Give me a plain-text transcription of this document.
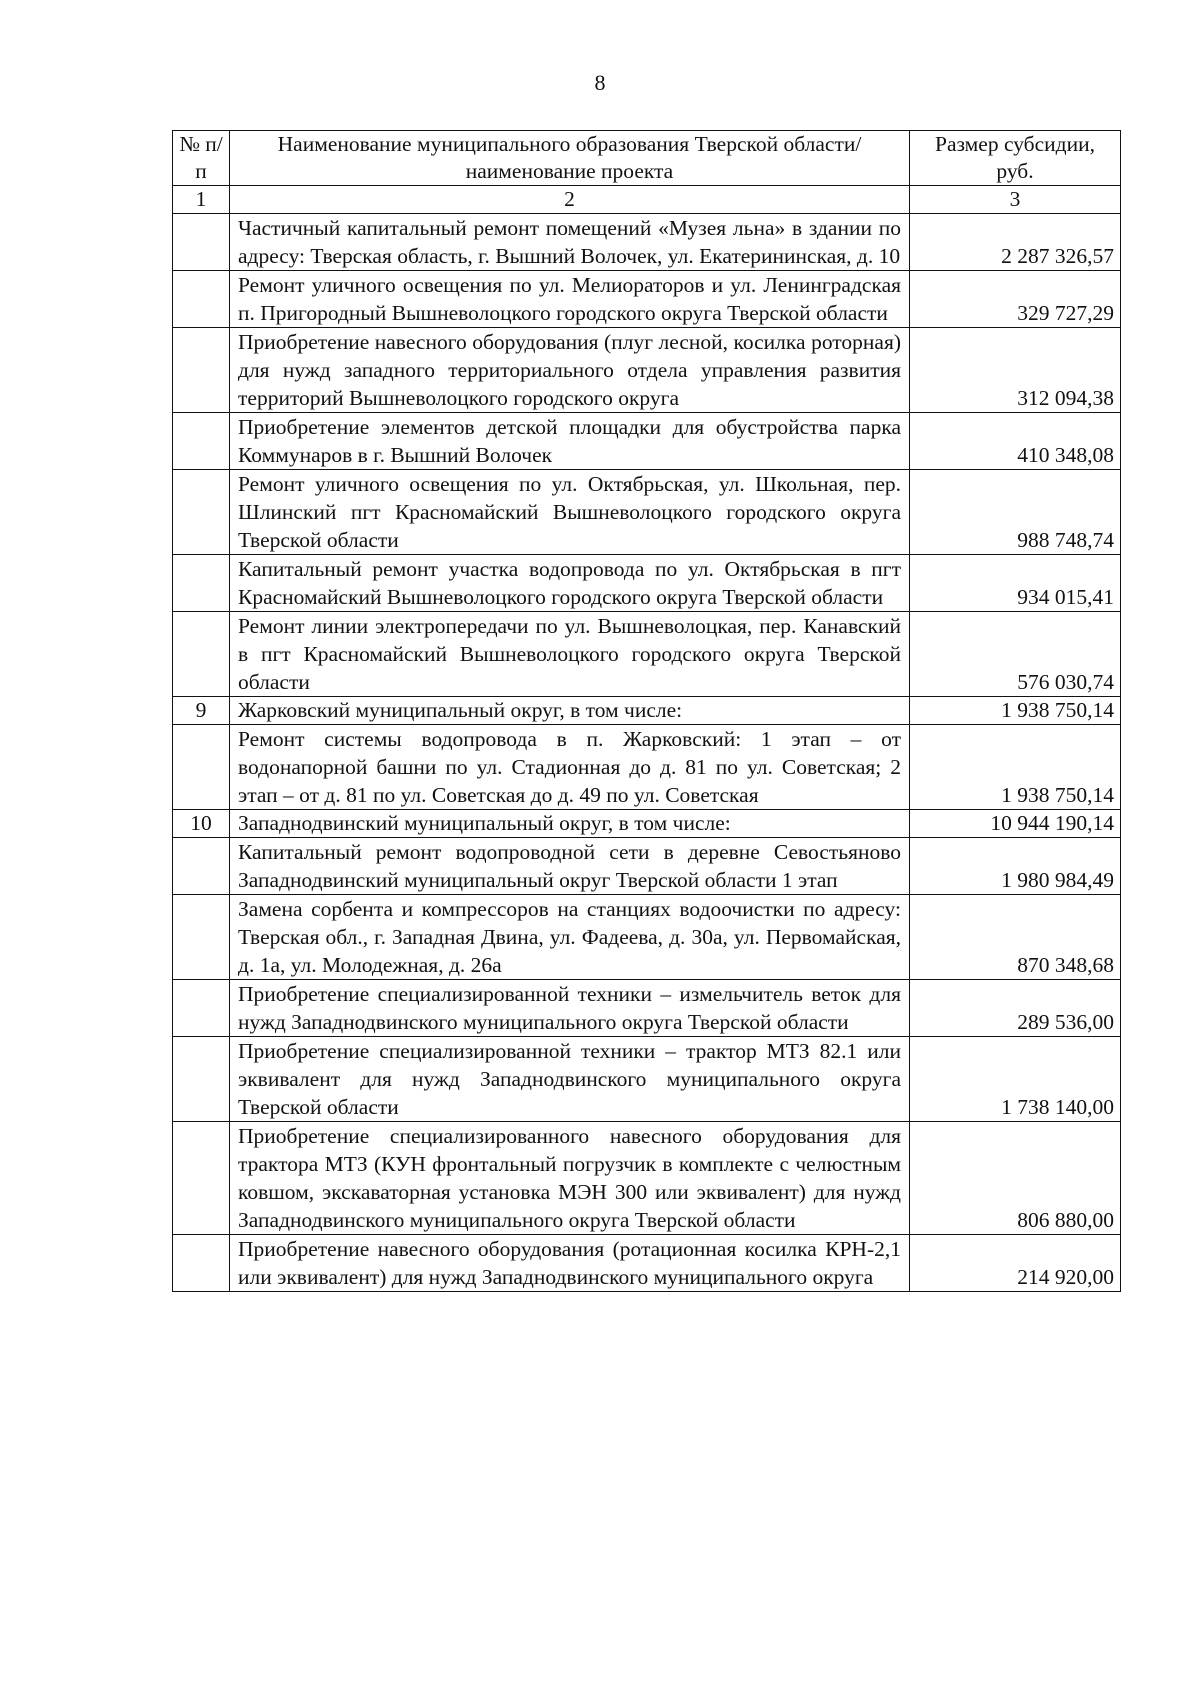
8
№ п/п	Наименование муниципального образования Тверской области/наименование проекта	Размер субсидии, руб.
1	2	3
	Частичный капитальный ремонт помещений «Музея льна» в здании по адресу: Тверская область, г. Вышний Волочек, ул. Екатерининская, д. 10	2 287 326,57
	Ремонт уличного освещения по ул. Мелиораторов и ул. Ленинградская п. Пригородный Вышневолоцкого городского округа Тверской области	329 727,29
	Приобретение навесного оборудования (плуг лесной, косилка роторная) для нужд западного территориального отдела управления развития территорий Вышневолоцкого городского округа	312 094,38
	Приобретение элементов детской площадки для обустройства парка Коммунаров в г. Вышний Волочек	410 348,08
	Ремонт уличного освещения по ул. Октябрьская, ул. Школьная, пер. Шлинский пгт Красномайский Вышневолоцкого городского округа Тверской области	988 748,74
	Капитальный ремонт участка водопровода по ул. Октябрьская в пгт Красномайский Вышневолоцкого городского округа Тверской области	934 015,41
	Ремонт линии электропередачи по ул. Вышневолоцкая, пер. Канавский в пгт Красномайский Вышневолоцкого городского округа Тверской области	576 030,74
9	Жарковский муниципальный округ, в том числе:	1 938 750,14
	Ремонт системы водопровода в п. Жарковский: 1 этап – от водонапорной башни по ул. Стадионная до д. 81 по ул. Советская; 2 этап – от д. 81 по ул. Советская до д. 49 по ул. Советская	1 938 750,14
10	Западнодвинский муниципальный округ, в том числе:	10 944 190,14
	Капитальный ремонт водопроводной сети в деревне Севостьяново Западнодвинский муниципальный округ Тверской области 1 этап	1 980 984,49
	Замена сорбента и компрессоров на станциях водоочистки по адресу: Тверская обл., г. Западная Двина, ул. Фадеева, д. 30а, ул. Первомайская, д. 1а, ул. Молодежная, д. 26а	870 348,68
	Приобретение специализированной техники – измельчитель веток для нужд Западнодвинского муниципального округа Тверской области	289 536,00
	Приобретение специализированной техники – трактор МТЗ 82.1 или эквивалент для нужд Западнодвинского муниципального округа Тверской области	1 738 140,00
	Приобретение специализированного навесного оборудования для трактора МТЗ (КУН фронтальный погрузчик в комплекте с челюстным ковшом, экскаваторная установка МЭН 300 или эквивалент) для нужд Западнодвинского муниципального округа Тверской области	806 880,00
	Приобретение навесного оборудования (ротационная косилка КРН-2,1 или эквивалент) для нужд Западнодвинского муниципального округа	214 920,00
